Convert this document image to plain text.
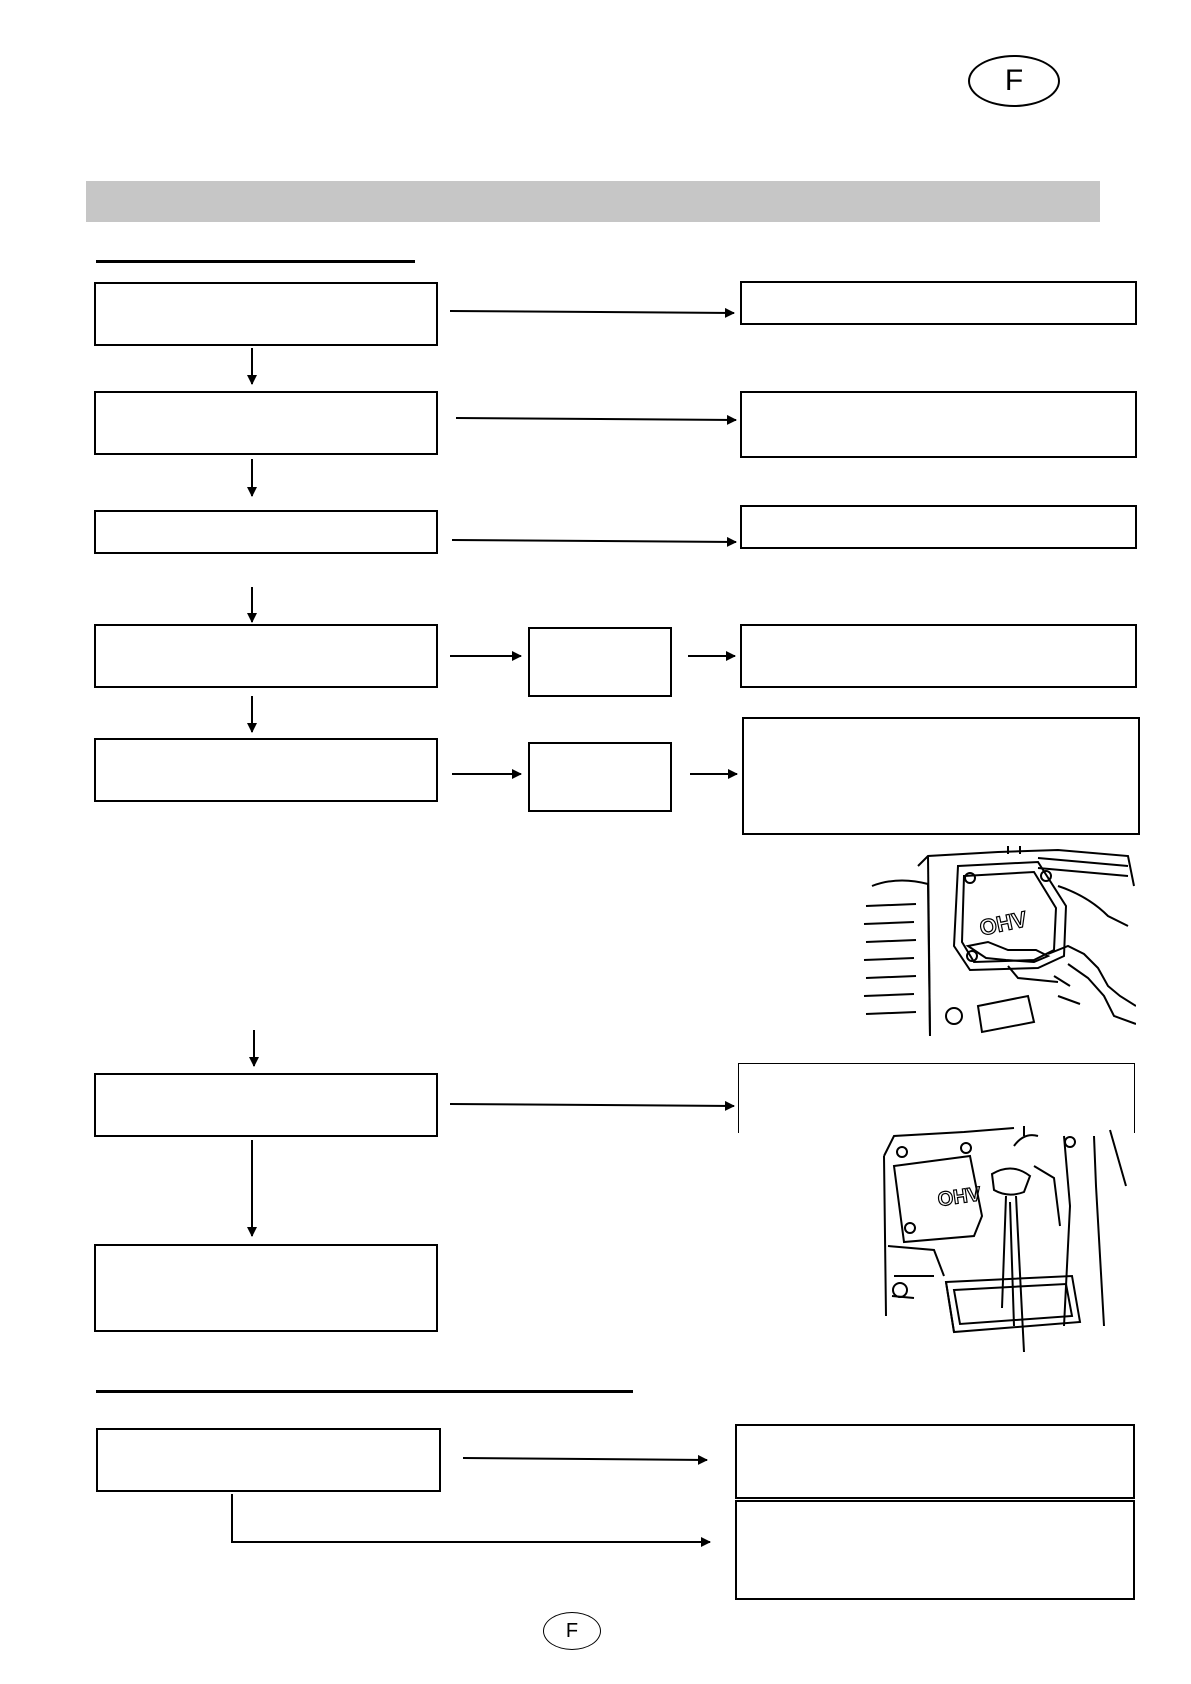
F
OHV
OHV
F
